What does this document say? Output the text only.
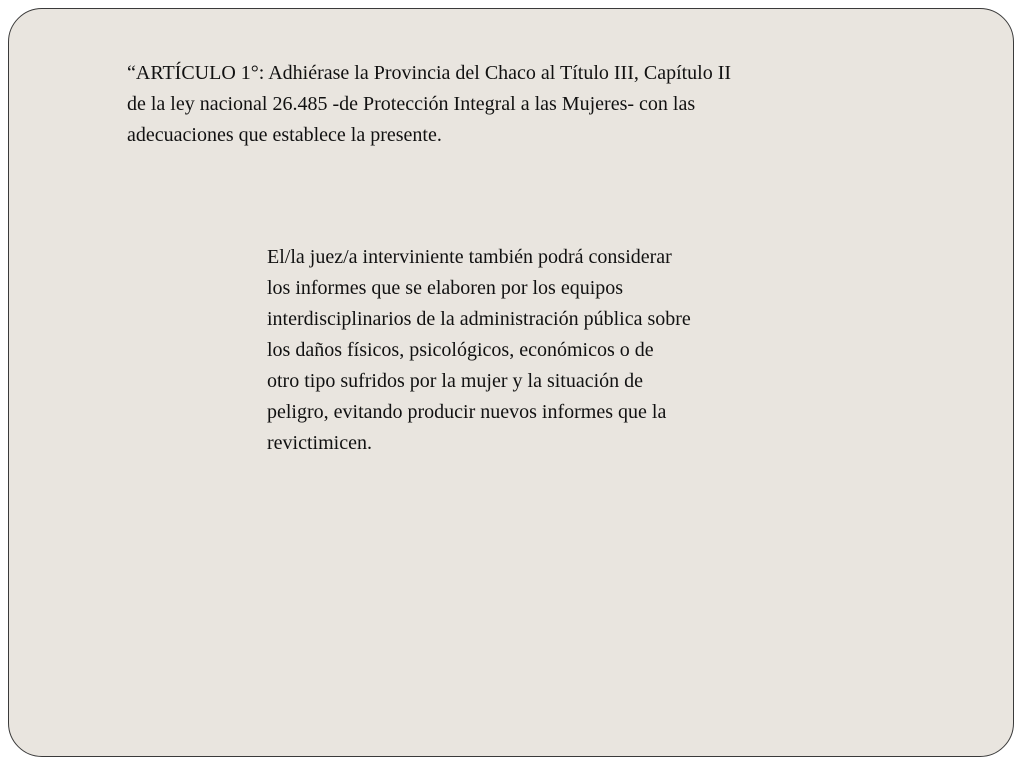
“ARTÍCULO 1°: Adhiérase la Provincia del Chaco al Título III, Capítulo II
de la ley nacional 26.485 -de Protección Integral a las Mujeres- con las
adecuaciones que establece la presente.

El/la juez/a interviniente también podrá considerar
los informes que se elaboren por los equipos
interdisciplinarios de la administración pública sobre
los daños físicos, psicológicos, económicos o de
otro tipo sufridos por la mujer y la situación de
peligro, evitando producir nuevos informes que la
revictimicen.
